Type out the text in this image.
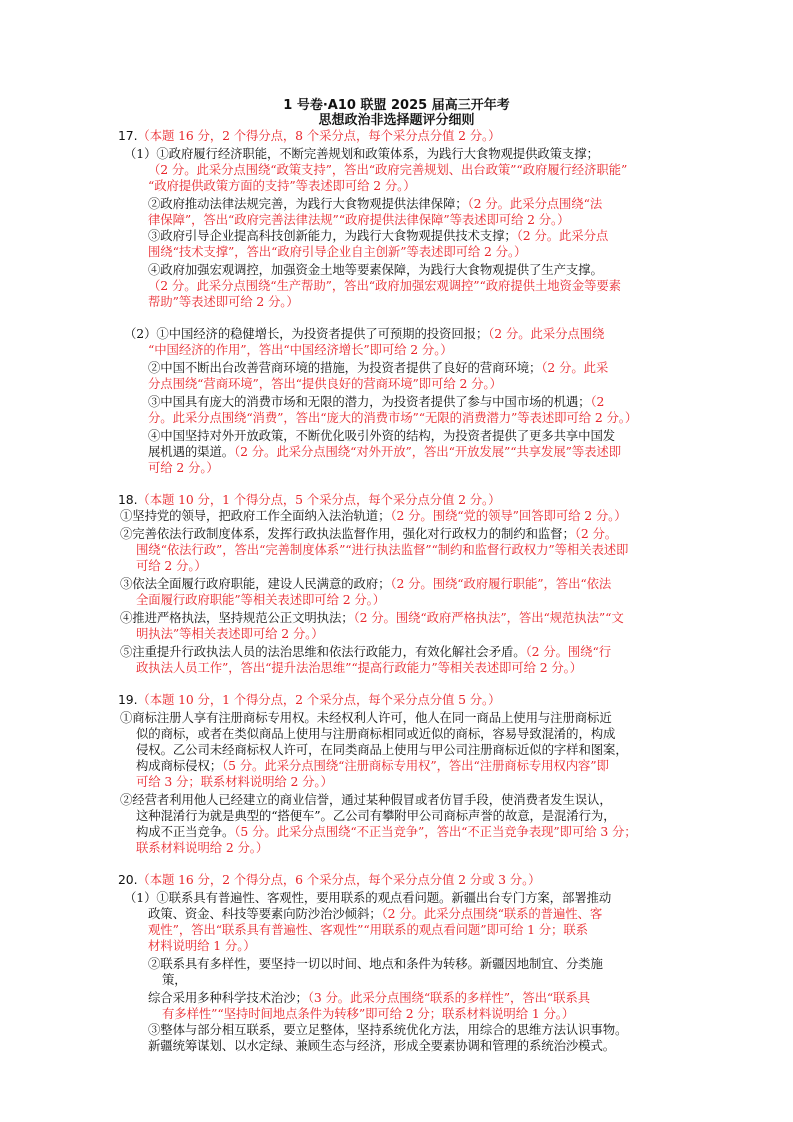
1 号卷·A10 联盟 2025 届高三开年考
思想政治非选择题评分细则
17.（本题 16 分，2 个得分点，8 个采分点，每个采分点分值 2 分。）
（1）①政府履行经济职能，不断完善规划和政策体系，为践行大食物观提供政策支撑；
（2 分。此采分点围绕“政策支持”，答出“政府完善规划、出台政策”“政府履行经济职能”
“政府提供政策方面的支持”等表述即可给 2 分。）
②政府推动法律法规完善，为践行大食物观提供法律保障；（2 分。此采分点围绕“法
律保障”，答出“政府完善法律法规”“政府提供法律保障”等表述即可给 2 分。）
③政府引导企业提高科技创新能力，为践行大食物观提供技术支撑；（2 分。此采分点
围绕“技术支撑”，答出“政府引导企业自主创新”等表述即可给 2 分。）
④政府加强宏观调控，加强资金土地等要素保障，为践行大食物观提供了生产支撑。
（2 分。此采分点围绕“生产帮助”，答出“政府加强宏观调控”“政府提供土地资金等要素
帮助”等表述即可给 2 分。）
（2）①中国经济的稳健增长，为投资者提供了可预期的投资回报；（2 分。此采分点围绕
“中国经济的作用”，答出“中国经济增长”即可给 2 分。）
②中国不断出台改善营商环境的措施，为投资者提供了良好的营商环境；（2 分。此采
分点围绕“营商环境”，答出“提供良好的营商环境”即可给 2 分。）
③中国具有庞大的消费市场和无限的潜力，为投资者提供了参与中国市场的机遇；（2
分。此采分点围绕“消费”，答出“庞大的消费市场”“无限的消费潜力”等表述即可给 2 分。）
④中国坚持对外开放政策，不断优化吸引外资的结构，为投资者提供了更多共享中国发
展机遇的渠道。（2 分。此采分点围绕“对外开放”，答出“开放发展”“共享发展”等表述即
可给 2 分。）
18.（本题 10 分，1 个得分点，5 个采分点，每个采分点分值 2 分。）
①坚持党的领导，把政府工作全面纳入法治轨道；（2 分。围绕“党的领导”回答即可给 2 分。）
②完善依法行政制度体系，发挥行政执法监督作用，强化对行政权力的制约和监督；（2 分。
围绕“依法行政”，答出“完善制度体系”“进行执法监督”“制约和监督行政权力”等相关表述即
可给 2 分。）
③依法全面履行政府职能，建设人民满意的政府；（2 分。围绕“政府履行职能”，答出“依法
全面履行政府职能”等相关表述即可给 2 分。）
④推进严格执法，坚持规范公正文明执法；（2 分。围绕“政府严格执法”，答出“规范执法”“文
明执法”等相关表述即可给 2 分。）
⑤注重提升行政执法人员的法治思维和依法行政能力，有效化解社会矛盾。（2 分。围绕“行
政执法人员工作”，答出“提升法治思维”“提高行政能力”等相关表述即可给 2 分。）
19.（本题 10 分，1 个得分点，2 个采分点，每个采分点分值 5 分。）
①商标注册人享有注册商标专用权。未经权利人许可，他人在同一商品上使用与注册商标近
似的商标，或者在类似商品上使用与注册商标相同或近似的商标，容易导致混淆的，构成
侵权。乙公司未经商标权人许可，在同类商品上使用与甲公司注册商标近似的字样和图案，
构成商标侵权；（5 分。此采分点围绕“注册商标专用权”，答出“注册商标专用权内容”即
可给 3 分；联系材料说明给 2 分。）
②经营者利用他人已经建立的商业信誉，通过某种假冒或者仿冒手段，使消费者发生误认，
这种混淆行为就是典型的“搭便车”。乙公司有攀附甲公司商标声誉的故意，是混淆行为，
构成不正当竞争。（5 分。此采分点围绕“不正当竞争”，答出“不正当竞争表现”即可给 3 分；
联系材料说明给 2 分。）
20.（本题 16 分，2 个得分点，6 个采分点，每个采分点分值 2 分或 3 分。）
（1）①联系具有普遍性、客观性，要用联系的观点看问题。新疆出台专门方案，部署推动
政策、资金、科技等要素向防沙治沙倾斜；（2 分。此采分点围绕“联系的普遍性、客
观性”，答出“联系具有普遍性、客观性”“用联系的观点看问题”即可给 1 分；联系
材料说明给 1 分。）
②联系具有多样性，要坚持一切以时间、地点和条件为转移。新疆因地制宜、分类施
策，
综合采用多种科学技术治沙；（3 分。此采分点围绕“联系的多样性”，答出“联系具
有多样性”“坚持时间地点条件为转移”即可给 2 分；联系材料说明给 1 分。）
③整体与部分相互联系，要立足整体，坚持系统优化方法，用综合的思维方法认识事物。
新疆统筹谋划、以水定绿、兼顾生态与经济，形成全要素协调和管理的系统治沙模式。
